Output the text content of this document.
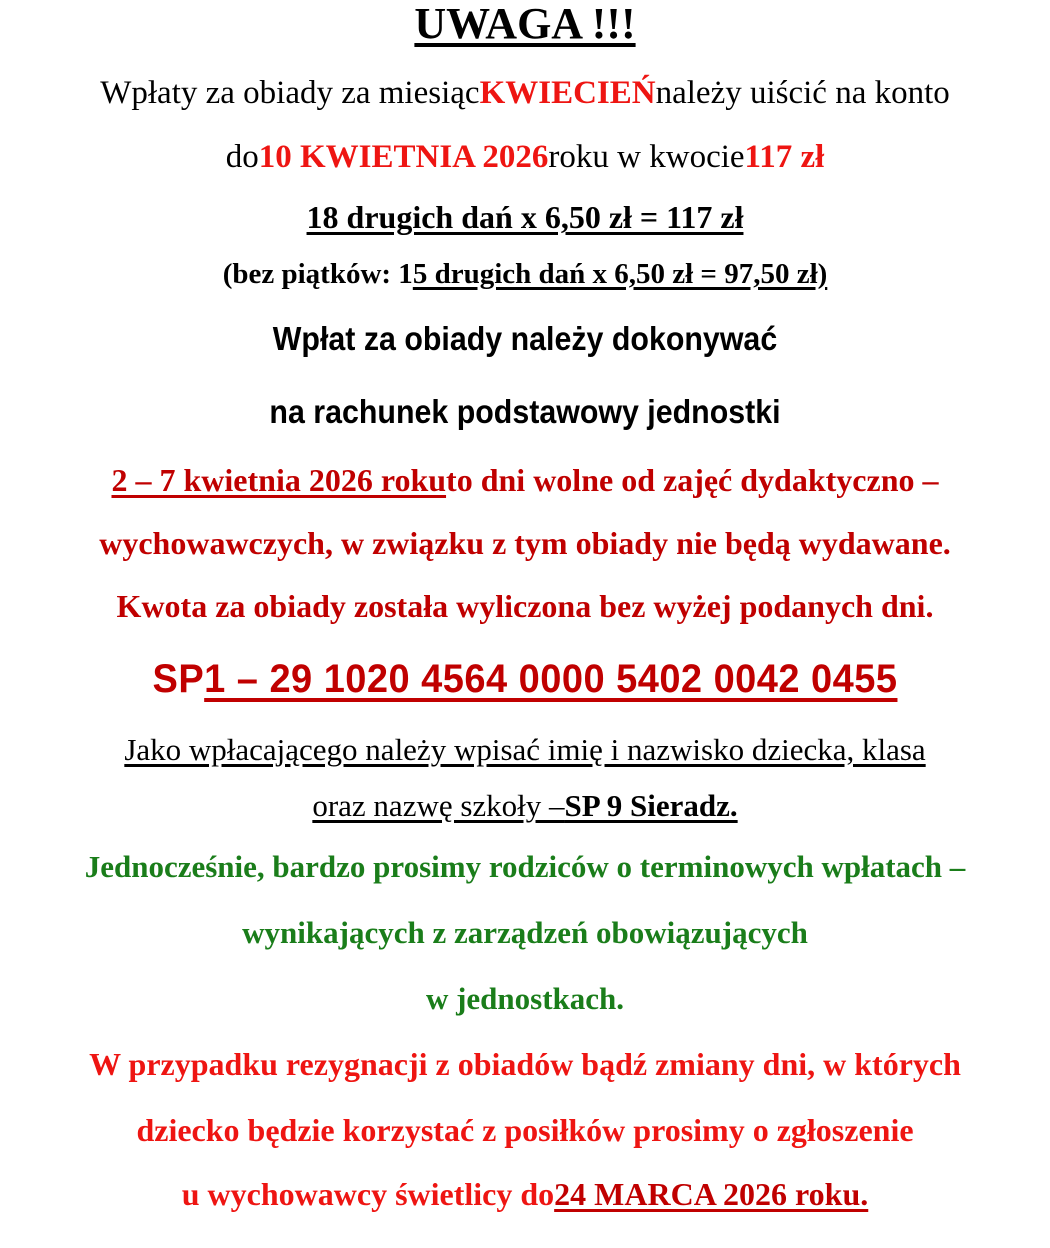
UWAGA !!!
Wpłaty za obiady za miesiąc KWIECIEŃ należy uiścić na konto
do 10 KWIETNIA 2026 roku w kwocie 117 zł
18 drugich dań x 6,50 zł = 117 zł
(bez piątków: 1 5 drugich dań x 6,50 zł = 97,50 zł)
Wpłat za obiady należy dokonywać
na rachunek podstawowy jednostki
2 – 7 kwietnia 2026 roku to dni wolne od zajęć dydaktyczno –
wychowawczych, w związku z tym obiady nie będą wydawane.
Kwota za obiady została wyliczona bez wyżej podanych dni.
SP 1 – 29 1020 4564 0000 5402 0042 0455
Jako wpłacającego należy wpisać imię i nazwisko dziecka, klasa
oraz nazwę szkoły – SP 9 Sieradz.
Jednocześnie, bardzo prosimy rodziców o terminowych wpłatach –
wynikających z zarządzeń obowiązujących
w jednostkach.
W przypadku rezygnacji z obiadów bądź zmiany dni, w których
dziecko będzie korzystać z posiłków prosimy o zgłoszenie
u wychowawcy świetlicy do 24 MARCA 2026 roku.
